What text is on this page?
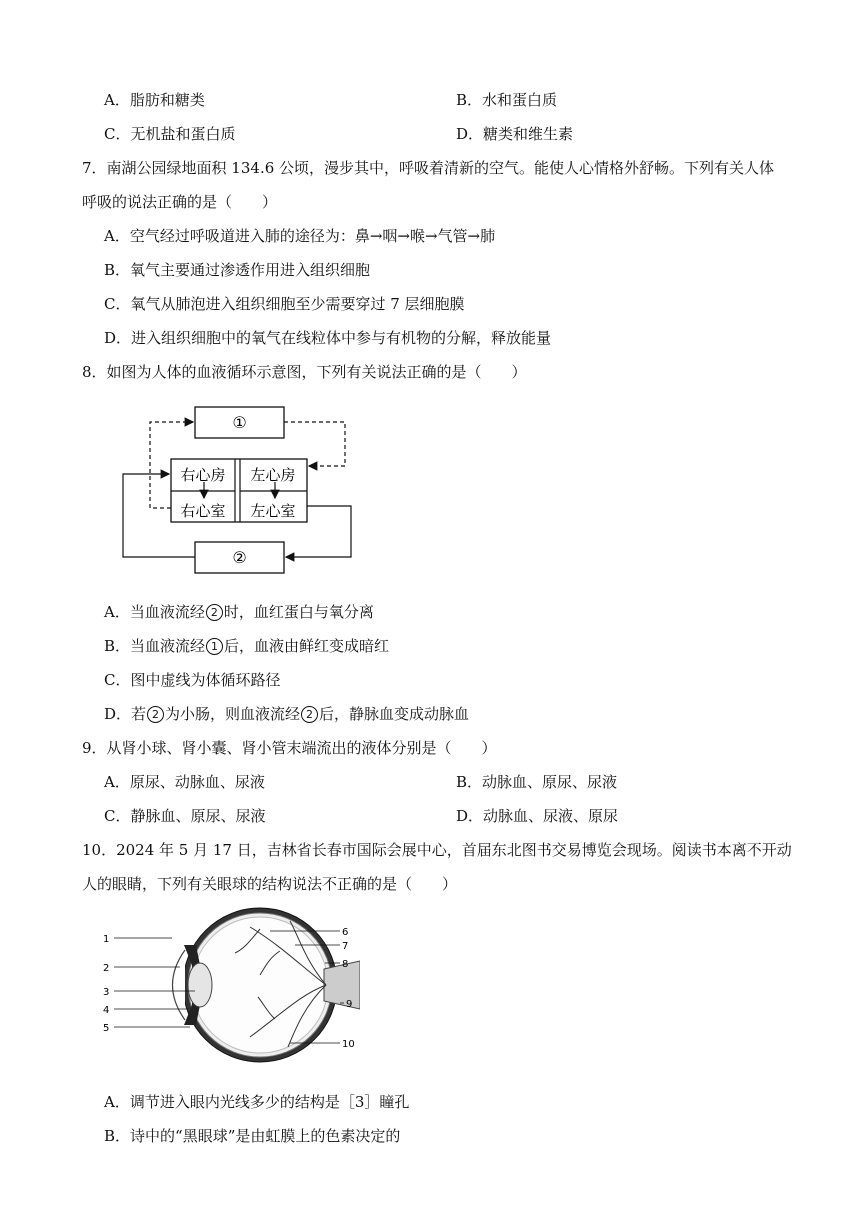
A．脂肪和糖类	B．水和蛋白质
C．无机盐和蛋白质	D．糖类和维生素
7．南湖公园绿地面积 134.6 公顷，漫步其中，呼吸着清新的空气。能使人心情格外舒畅。下列有关人体
呼吸的说法正确的是（　　）
A．空气经过呼吸道进入肺的途径为：鼻→咽→喉→气管→肺
B．氧气主要通过渗透作用进入组织细胞
C．氧气从肺泡进入组织细胞至少需要穿过 7 层细胞膜
D．进入组织细胞中的氧气在线粒体中参与有机物的分解，释放能量
8．如图为人体的血液循环示意图，下列有关说法正确的是（　　）
①
右心房 左心房
右心室 左心室
②
A．当血液流经 2 时，血红蛋白与氧分离
B．当血液流经 1 后，血液由鲜红变成暗红
C．图中虚线为体循环路径
D．若 2 为小肠，则血液流经 2 后，静脉血变成动脉血
9．从肾小球、肾小囊、肾小管末端流出的液体分别是（　　）
A．原尿、动脉血、尿液	B．动脉血、原尿、尿液
C．静脉血、原尿、尿液	D．动脉血、尿液、原尿
10．2024 年 5 月 17 日，吉林省长春市国际会展中心，首届东北图书交易博览会现场。阅读书本离不开动
人的眼睛，下列有关眼球的结构说法不正确的是（　　）
1
2
3
4
5
6
7
8
9
10
A．调节进入眼内光线多少的结构是［3］瞳孔
B．诗中的“黑眼球”是由虹膜上的色素决定的
